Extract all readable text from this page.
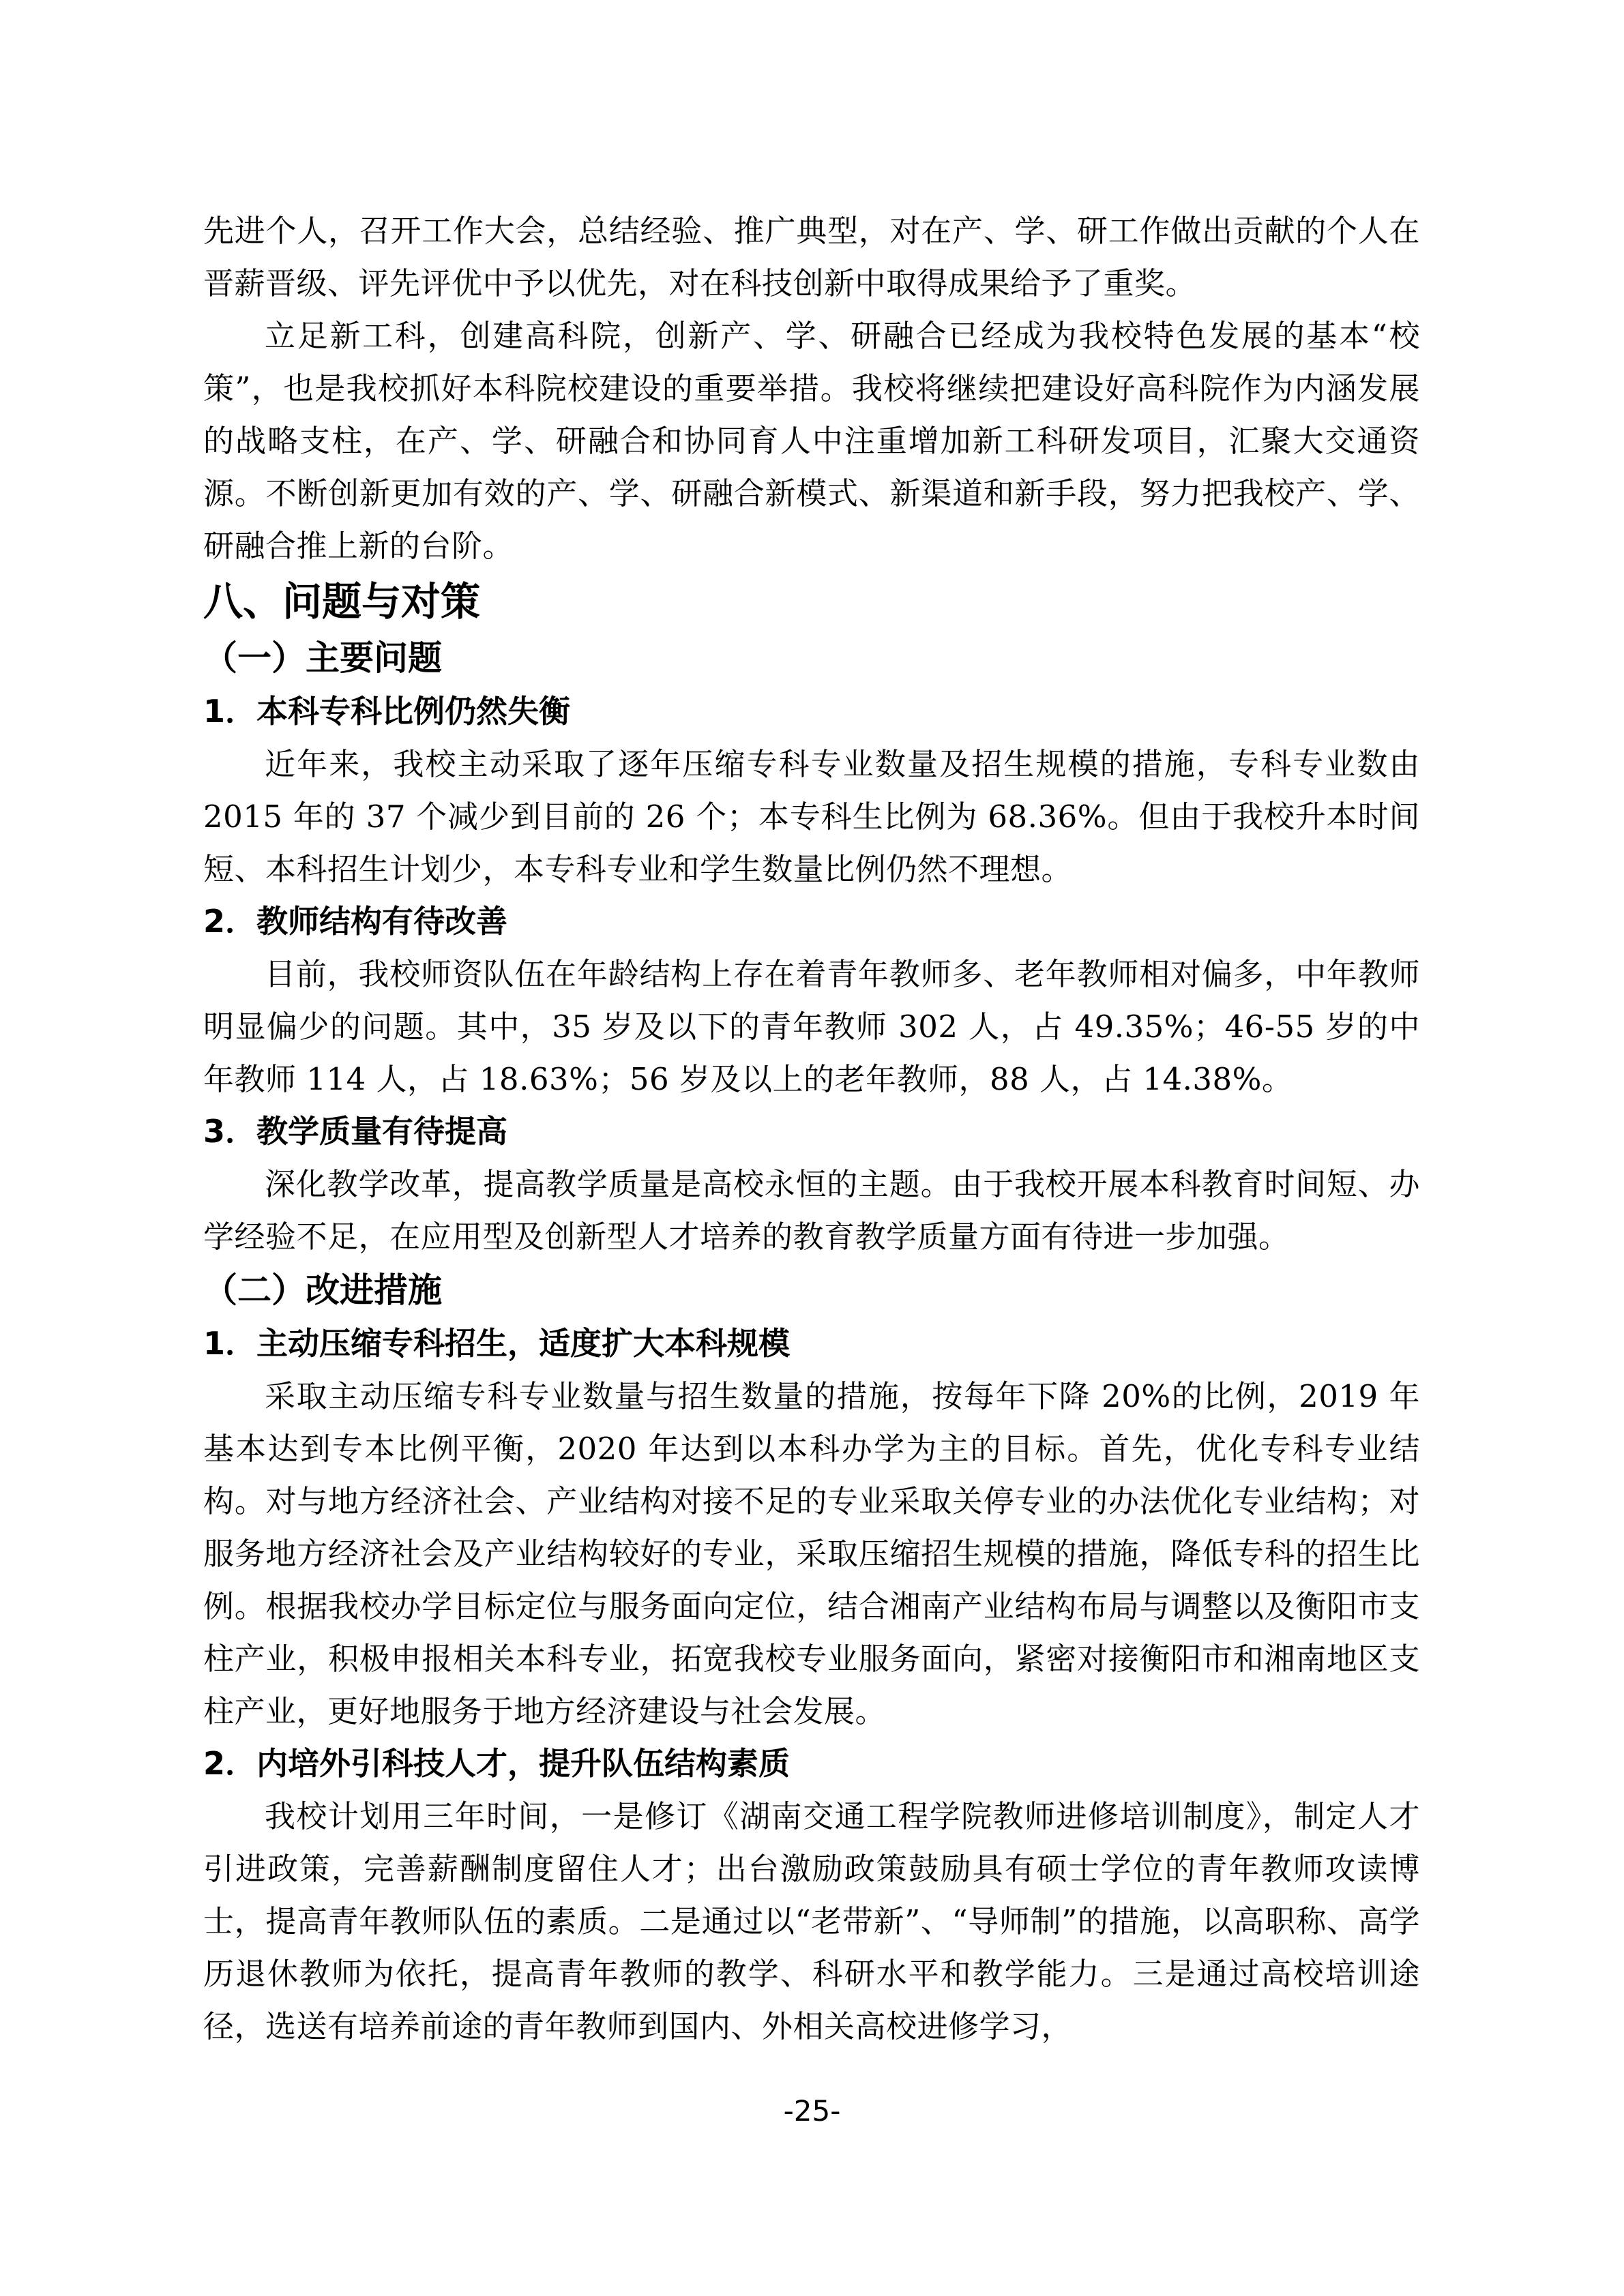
先进个人，召开工作大会，总结经验、推广典型，对在产、学、研工作做出贡献的个人在晋薪晋级、评先评优中予以优先，对在科技创新中取得成果给予了重奖。

立足新工科，创建高科院，创新产、学、研融合已经成为我校特色发展的基本“校策”，也是我校抓好本科院校建设的重要举措。我校将继续把建设好高科院作为内涵发展的战略支柱，在产、学、研融合和协同育人中注重增加新工科研发项目，汇聚大交通资源。不断创新更加有效的产、学、研融合新模式、新渠道和新手段，努力把我校产、学、研融合推上新的台阶。

八、问题与对策
（一）主要问题
1．本科专科比例仍然失衡

近年来，我校主动采取了逐年压缩专科专业数量及招生规模的措施，专科专业数由 2015 年的 37 个减少到目前的 26 个；本专科生比例为 68.36%。但由于我校升本时间短、本科招生计划少，本专科专业和学生数量比例仍然不理想。

2．教师结构有待改善

目前，我校师资队伍在年龄结构上存在着青年教师多、老年教师相对偏多，中年教师明显偏少的问题。其中，35 岁及以下的青年教师 302 人，占 49.35%；46-55 岁的中年教师 114 人，占 18.63%；56 岁及以上的老年教师，88 人，占 14.38%。

3．教学质量有待提高

深化教学改革，提高教学质量是高校永恒的主题。由于我校开展本科教育时间短、办学经验不足，在应用型及创新型人才培养的教育教学质量方面有待进一步加强。

（二）改进措施
1．主动压缩专科招生，适度扩大本科规模

采取主动压缩专科专业数量与招生数量的措施，按每年下降 20%的比例，2019 年基本达到专本比例平衡，2020 年达到以本科办学为主的目标。首先，优化专科专业结构。对与地方经济社会、产业结构对接不足的专业采取关停专业的办法优化专业结构；对服务地方经济社会及产业结构较好的专业，采取压缩招生规模的措施，降低专科的招生比例。根据我校办学目标定位与服务面向定位，结合湘南产业结构布局与调整以及衡阳市支柱产业，积极申报相关本科专业，拓宽我校专业服务面向，紧密对接衡阳市和湘南地区支柱产业，更好地服务于地方经济建设与社会发展。

2．内培外引科技人才，提升队伍结构素质

我校计划用三年时间，一是修订《湖南交通工程学院教师进修培训制度》，制定人才引进政策，完善薪酬制度留住人才；出台激励政策鼓励具有硕士学位的青年教师攻读博士，提高青年教师队伍的素质。二是通过以“老带新”、“导师制”的措施，以高职称、高学历退休教师为依托，提高青年教师的教学、科研水平和教学能力。三是通过高校培训途径，选送有培养前途的青年教师到国内、外相关高校进修学习，

-25-
